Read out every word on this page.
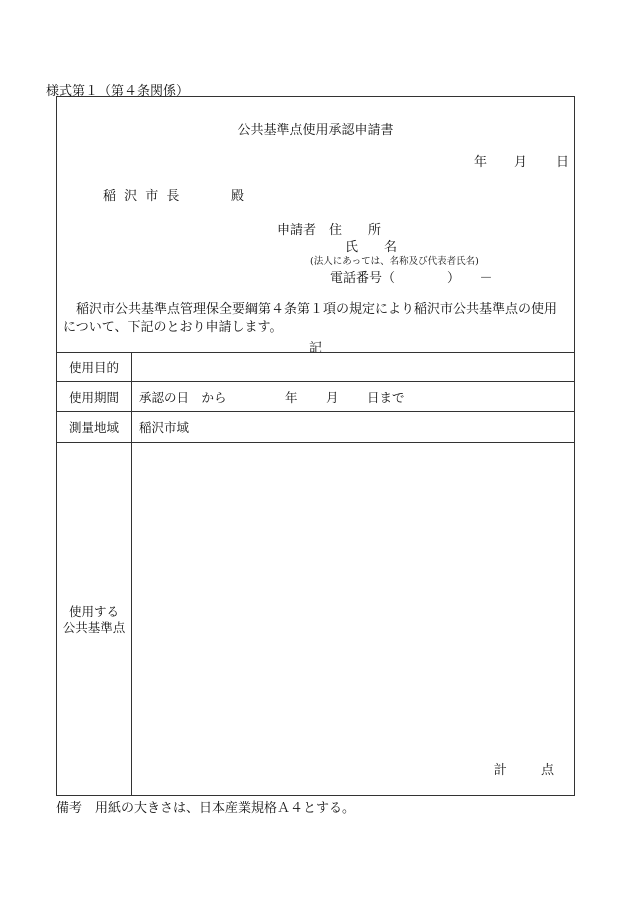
様式第１（第４条関係）
公共基準点使用承認申請書
年 月 日
稲 沢 市 長	殿
申請者 住　　所
氏　　名
(法人にあっては、名称及び代表者氏名)
電話番号（　　　　）　　－
稲沢市公共基準点管理保全要綱第４条第１項の規定により稲沢市公共基準点の使用について、下記のとおり申請します。
記
使用目的
使用期間	承認の日　から	年 月 日まで
測量地域	稲沢市域
使用する
公共基準点
計	点
備考　用紙の大きさは、日本産業規格Ａ４とする。
